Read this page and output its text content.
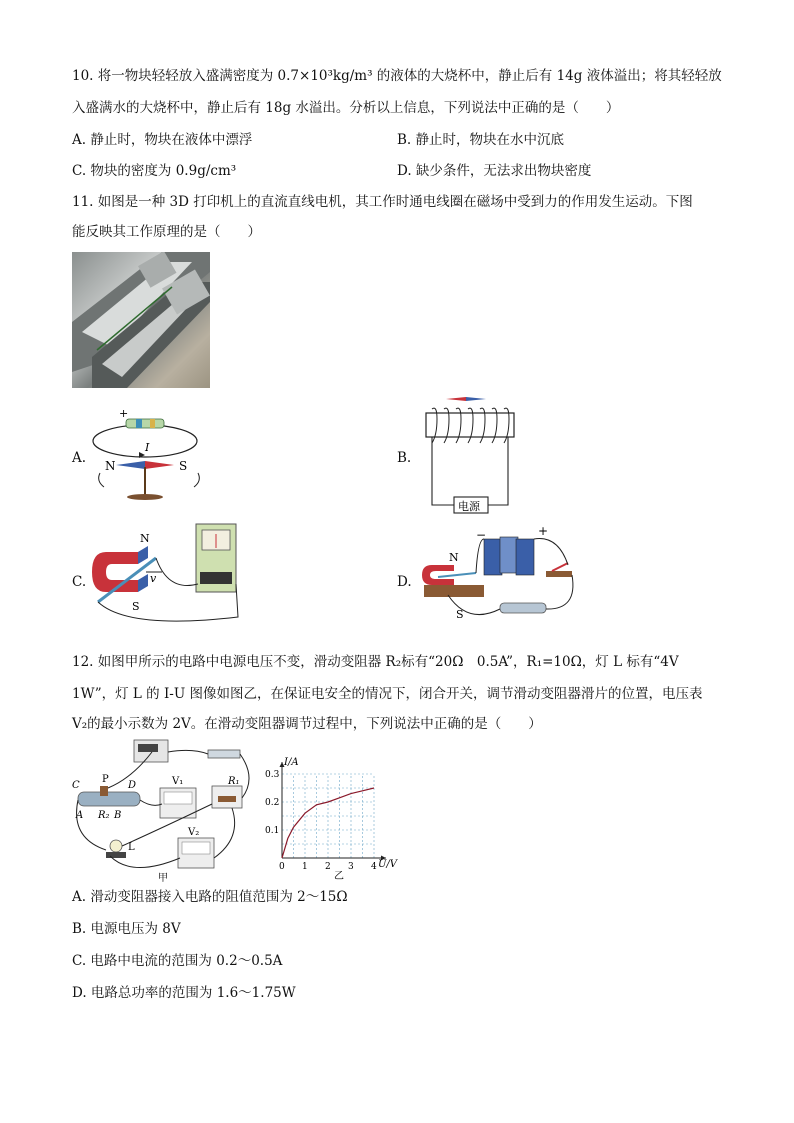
10. 将一物块轻轻放入盛满密度为 0.7×10³kg/m³ 的液体的大烧杯中，静止后有 14g 液体溢出；将其轻轻放
入盛满水的大烧杯中，静止后有 18g 水溢出。分析以上信息，下列说法中正确的是（　　）
A. 静止时，物块在液体中漂浮	B. 静止时，物块在水中沉底
C. 物块的密度为 0.9g/cm³	D. 缺少条件，无法求出物块密度
11. 如图是一种 3D 打印机上的直流直线电机，其工作时通电线圈在磁场中受到力的作用发生运动。下图
能反映其工作原理的是（　　）
A.
+
I
N	S	B.
电源
C.
N
S
v	D.
N
S
−	+
12. 如图甲所示的电路中电源电压不变，滑动变阻器 R₂标有“20Ω　0.5A”，R₁=10Ω，灯 L 标有“4V
1W”，灯 L 的 I-U 图像如图乙，在保证电安全的情况下，闭合开关，调节滑动变阻器滑片的位置，电压表
V₂的最小示数为 2V。在滑动变阻器调节过程中，下列说法中正确的是（　　）
C	D
P
A	B
R₂
R₁
V₁
V₂
L
甲
0 1 2 3 4
0.1
0.2
0.3
I/A
U/V
乙
A. 滑动变阻器接入电路的阻值范围为 2～15Ω
B. 电源电压为 8V
C. 电路中电流的范围为 0.2～0.5A
D. 电路总功率的范围为 1.6～1.75W
